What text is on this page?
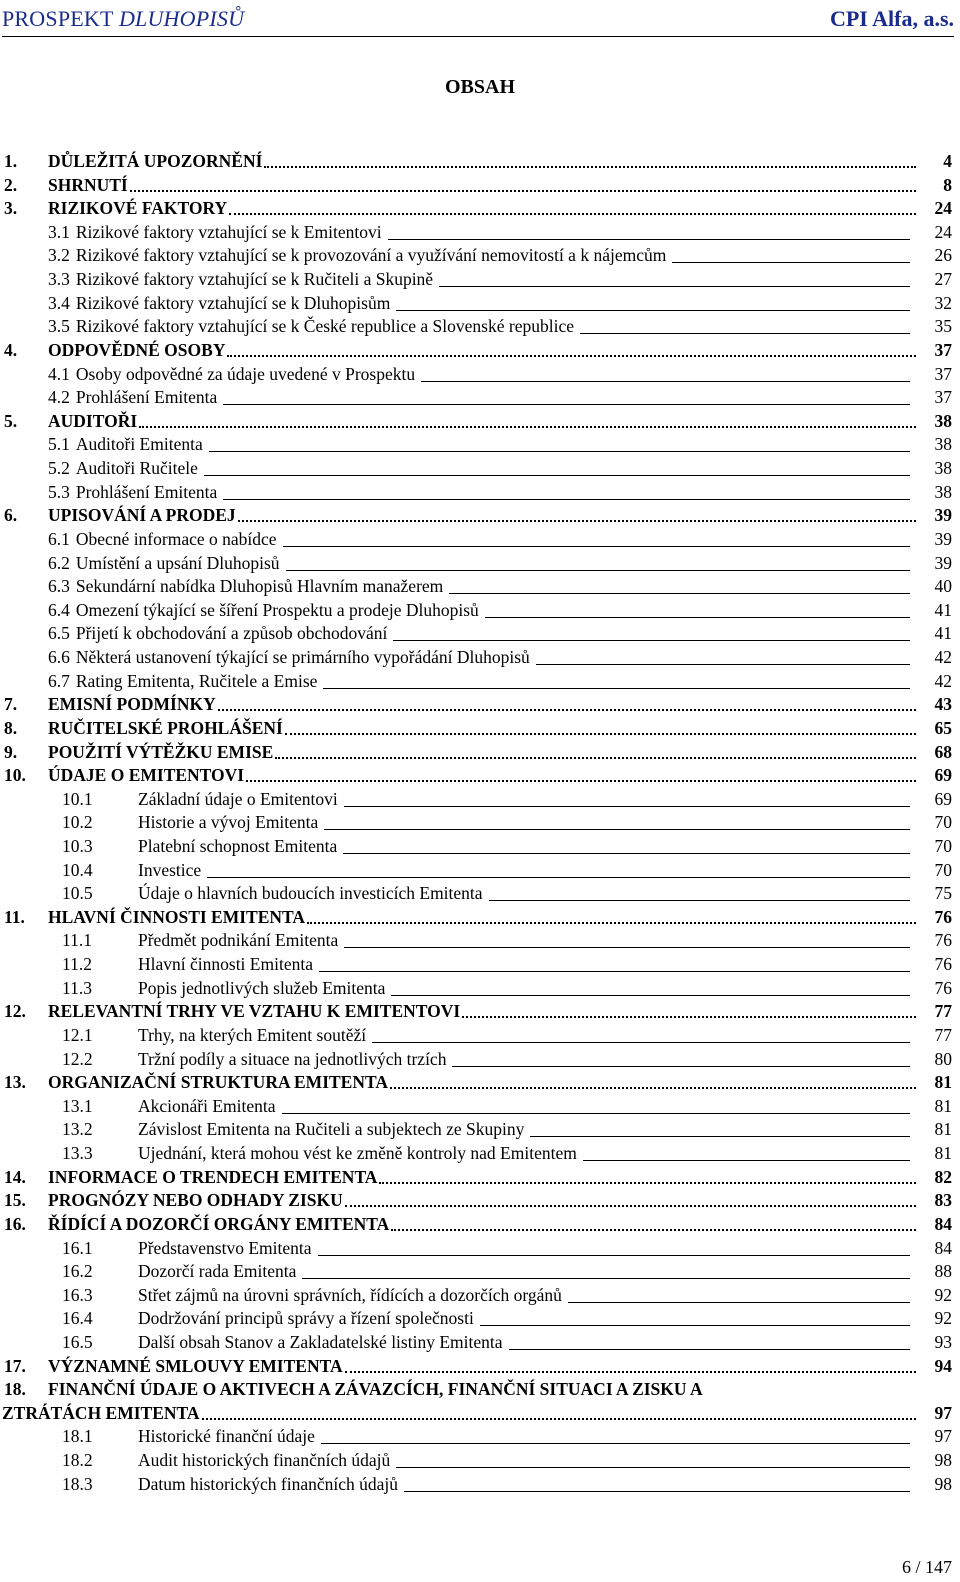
PROSPEKT DLUHOPISŮ	CPI Alfa, a.s.
OBSAH
1. DŮLEŽITÁ UPOZORNĚNÍ	4
2. SHRNUTÍ	8
3. RIZIKOVÉ FAKTORY	24
3.1 Rizikové faktory vztahující se k Emitentovi	24
3.2 Rizikové faktory vztahující se k provozování a využívání nemovitostí a k nájemcům	26
3.3 Rizikové faktory vztahující se k Ručiteli a Skupině	27
3.4 Rizikové faktory vztahující se k Dluhopisům	32
3.5 Rizikové faktory vztahující se k České republice a Slovenské republice	35
4. ODPOVĚDNÉ OSOBY	37
4.1 Osoby odpovědné za údaje uvedené v Prospektu	37
4.2 Prohlášení Emitenta	37
5. AUDITOŘI	38
5.1 Auditoři Emitenta	38
5.2 Auditoři Ručitele	38
5.3 Prohlášení Emitenta	38
6. UPISOVÁNÍ A PRODEJ	39
6.1 Obecné informace o nabídce	39
6.2 Umístění a upsání Dluhopisů	39
6.3 Sekundární nabídka Dluhopisů Hlavním manažerem	40
6.4 Omezení týkající se šíření Prospektu a prodeje Dluhopisů	41
6.5 Přijetí k obchodování a způsob obchodování	41
6.6 Některá ustanovení týkající se primárního vypořádání Dluhopisů	42
6.7 Rating Emitenta, Ručitele a Emise	42
7. EMISNÍ PODMÍNKY	43
8. RUČITELSKÉ PROHLÁŠENÍ	65
9. POUŽITÍ VÝTĚŽKU EMISE	68
10. ÚDAJE O EMITENTOVI	69
10.1	Základní údaje o Emitentovi	69
10.2	Historie a vývoj Emitenta	70
10.3	Platební schopnost Emitenta	70
10.4	Investice	70
10.5	Údaje o hlavních budoucích investicích Emitenta	75
11. HLAVNÍ ČINNOSTI EMITENTA	76
11.1	Předmět podnikání Emitenta	76
11.2	Hlavní činnosti Emitenta	76
11.3	Popis jednotlivých služeb Emitenta	76
12. RELEVANTNÍ TRHY VE VZTAHU K EMITENTOVI	77
12.1	Trhy, na kterých Emitent soutěží	77
12.2	Tržní podíly a situace na jednotlivých trzích	80
13. ORGANIZAČNÍ STRUKTURA EMITENTA	81
13.1	Akcionáři Emitenta	81
13.2	Závislost Emitenta na Ručiteli a subjektech ze Skupiny	81
13.3	Ujednání, která mohou vést ke změně kontroly nad Emitentem	81
14. INFORMACE O TRENDECH EMITENTA	82
15. PROGNÓZY NEBO ODHADY ZISKU	83
16. ŘÍDÍCÍ A DOZORČÍ ORGÁNY EMITENTA	84
16.1	Představenstvo Emitenta	84
16.2	Dozorčí rada Emitenta	88
16.3	Střet zájmů na úrovni správních, řídících a dozorčích orgánů	92
16.4	Dodržování principů správy a řízení společnosti	92
16.5	Další obsah Stanov a Zakladatelské listiny Emitenta	93
17. VÝZNAMNÉ SMLOUVY EMITENTA	94
18. FINANČNÍ ÚDAJE O AKTIVECH A ZÁVAZCÍCH, FINANČNÍ SITUACI A ZISKU A
ZTRÁTÁCH EMITENTA	97
18.1	Historické finanční údaje	97
18.2	Audit historických finančních údajů	98
18.3	Datum historických finančních údajů	98
6 / 147
